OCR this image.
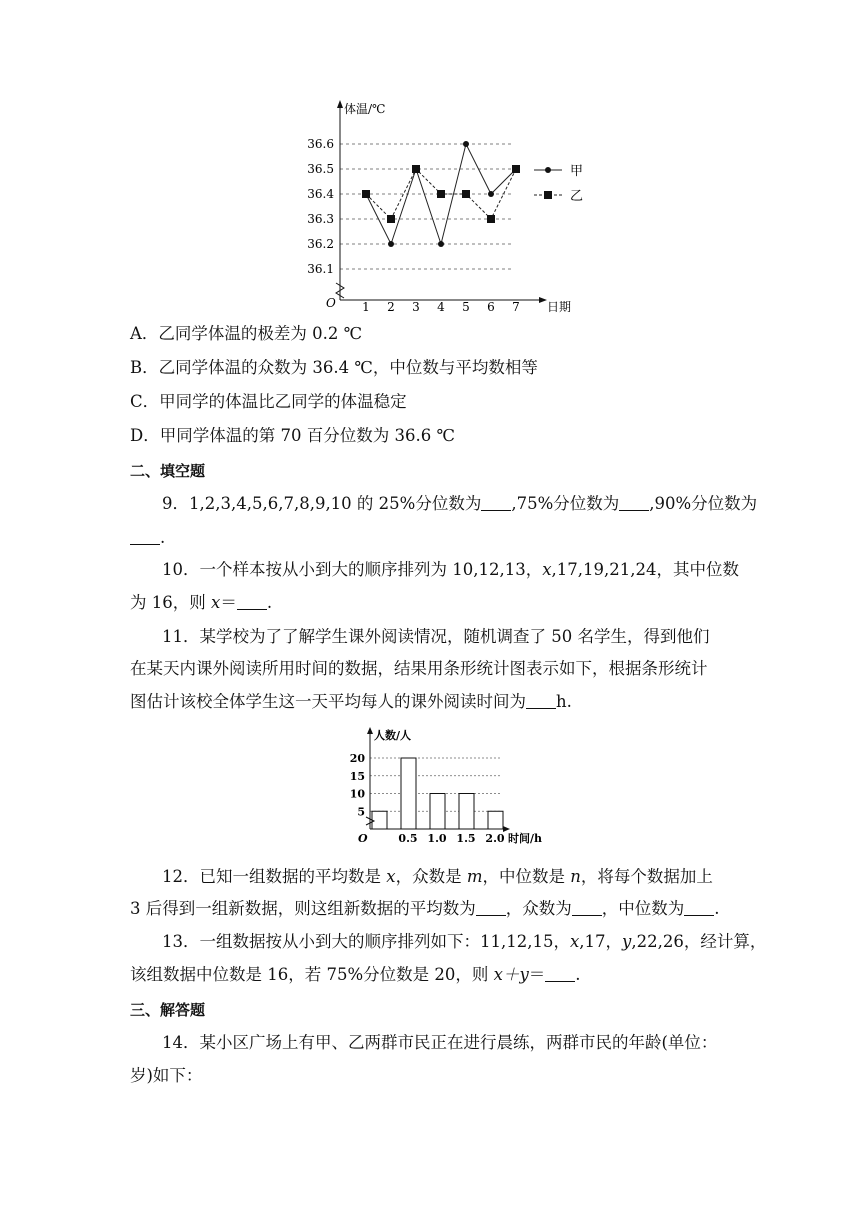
体温/℃
日期
O
36.1
36.2
36.3
36.4
36.5
36.6
1 2 3 4 5 6 7
甲
乙
A．乙同学体温的极差为 0.2 ℃
B．乙同学体温的众数为 36.4 ℃，中位数与平均数相等
C．甲同学的体温比乙同学的体温稳定
D．甲同学体温的第 70 百分位数为 36.6 ℃
二、填空题
9．1,2,3,4,5,6,7,8,9,10 的 25%分位数为 ,75%分位数为 ,90%分位数为
.
10．一个样本按从小到大的顺序排列为 10,12,13，x,17,19,21,24，其中位数
为 16，则 x＝ .
11．某学校为了了解学生课外阅读情况，随机调查了 50 名学生，得到他们
在某天内课外阅读所用时间的数据，结果用条形统计图表示如下，根据条形统计
图估计该校全体学生这一天平均每人的课外阅读时间为 h.
人数/人
时间/h
O
5
10
15
20
0.5 1.0 1.5 2.0
12．已知一组数据的平均数是 x，众数是 m，中位数是 n，将每个数据加上
3 后得到一组新数据，则这组新数据的平均数为 ，众数为 ，中位数为 .
13．一组数据按从小到大的顺序排列如下：11,12,15，x,17，y,22,26，经计算，
该组数据中位数是 16，若 75%分位数是 20，则 x＋y＝ .
三、解答题
14．某小区广场上有甲、乙两群市民正在进行晨练，两群市民的年龄(单位：
岁)如下：
